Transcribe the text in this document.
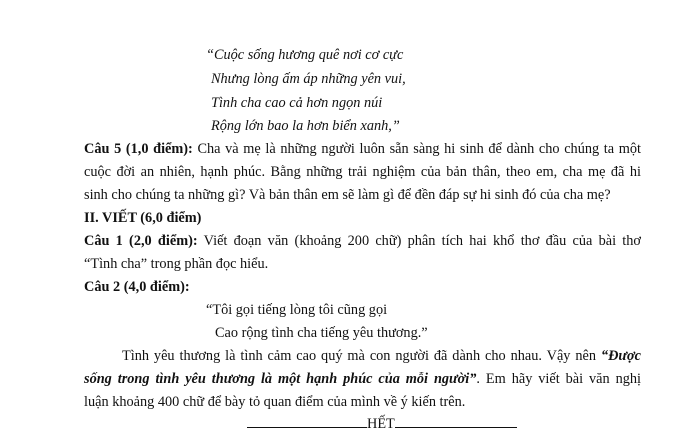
“Cuộc sống hương quê nơi cơ cực
Nhưng lòng ấm áp những yên vui,
Tình cha cao cả hơn ngọn núi
Rộng lớn bao la hơn biển xanh,”
Câu 5 (1,0 điểm): Cha và mẹ là những người luôn sẵn sàng hi sinh để dành cho chúng ta một
cuộc đời an nhiên, hạnh phúc. Bằng những trải nghiệm của bản thân, theo em, cha mẹ đã hi
sinh cho chúng ta những gì? Và bản thân em sẽ làm gì để đền đáp sự hi sinh đó của cha mẹ?
II. VIẾT (6,0 điểm)
Câu 1 (2,0 điểm): Viết đoạn văn (khoảng 200 chữ) phân tích hai khổ thơ đầu của bài thơ
“Tình cha” trong phần đọc hiểu.
Câu 2 (4,0 điểm):
“Tôi gọi tiếng lòng tôi cũng gọi
Cao rộng tình cha tiếng yêu thương.”
Tình yêu thương là tình cảm cao quý mà con người đã dành cho nhau. Vậy nên “Được
sống trong tình yêu thương là một hạnh phúc của mỗi người”. Em hãy viết bài văn nghị
luận khoảng 400 chữ để bày tỏ quan điểm của mình về ý kiến trên.
HẾT
